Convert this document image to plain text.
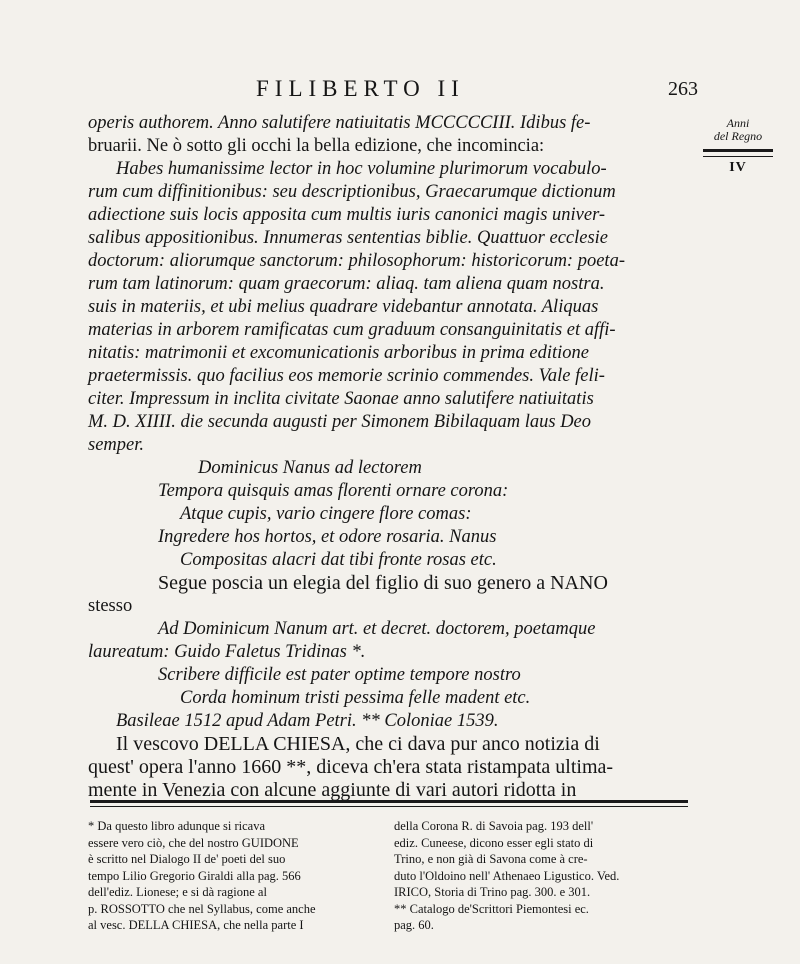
FILIBERTO II	263
Anni
del Regno
IV
operis authorem. Anno salutifere natiuitatis MCCCCCIII. Idibus fe-
bruarii. Ne ò sotto gli occhi la bella edizione, che incomincia:
Habes humanissime lector in hoc volumine plurimorum vocabulo-
rum cum diffinitionibus: seu descriptionibus, Graecarumque dictionum
adiectione suis locis apposita cum multis iuris canonici magis univer-
salibus appositionibus. Innumeras sententias biblie. Quattuor ecclesie
doctorum: aliorumque sanctorum: philosophorum: historicorum: poeta-
rum tam latinorum: quam graecorum: aliaq. tam aliena quam nostra.
suis in materiis, et ubi melius quadrare videbantur annotata. Aliquas
materias in arborem ramificatas cum graduum consanguinitatis et affi-
nitatis: matrimonii et excomunicationis arboribus in prima editione
praetermissis. quo facilius eos memorie scrinio commendes. Vale feli-
citer. Impressum in inclita civitate Saonae anno salutifere natiuitatis
M. D. XIIII. die secunda augusti per Simonem Bibilaquam laus Deo
semper.
Dominicus Nanus ad lectorem
Tempora quisquis amas florenti ornare corona:
Atque cupis, vario cingere flore comas:
Ingredere hos hortos, et odore rosaria. Nanus
Compositas alacri dat tibi fronte rosas etc.
Segue poscia un elegia del figlio di suo genero a NANO
stesso
Ad Dominicum Nanum art. et decret. doctorem, poetamque
laureatum: Guido Faletus Tridinas *.
Scribere difficile est pater optime tempore nostro
Corda hominum tristi pessima felle madent etc.
Basileae 1512 apud Adam Petri. ** Coloniae 1539.
Il vescovo DELLA CHIESA, che ci dava pur anco notizia di
quest' opera l'anno 1660 **, diceva ch'era stata ristampata ultima-
mente in Venezia con alcune aggiunte di vari autori ridotta in
* Da questo libro adunque si ricava
essere vero ciò, che del nostro GUIDONE
è scritto nel Dialogo II de' poeti del suo
tempo Lilio Gregorio Giraldi alla pag. 566
dell'ediz. Lionese; e si dà ragione al
p. ROSSOTTO che nel Syllabus, come anche
al vesc. DELLA CHIESA, che nella parte I
della Corona R. di Savoia pag. 193 dell'
ediz. Cuneese, dicono esser egli stato di
Trino, e non già di Savona come à cre-
duto l'Oldoino nell' Athenaeo Ligustico. Ved.
IRICO, Storia di Trino pag. 300. e 301.
** Catalogo de'Scrittori Piemontesi ec.
pag. 60.
